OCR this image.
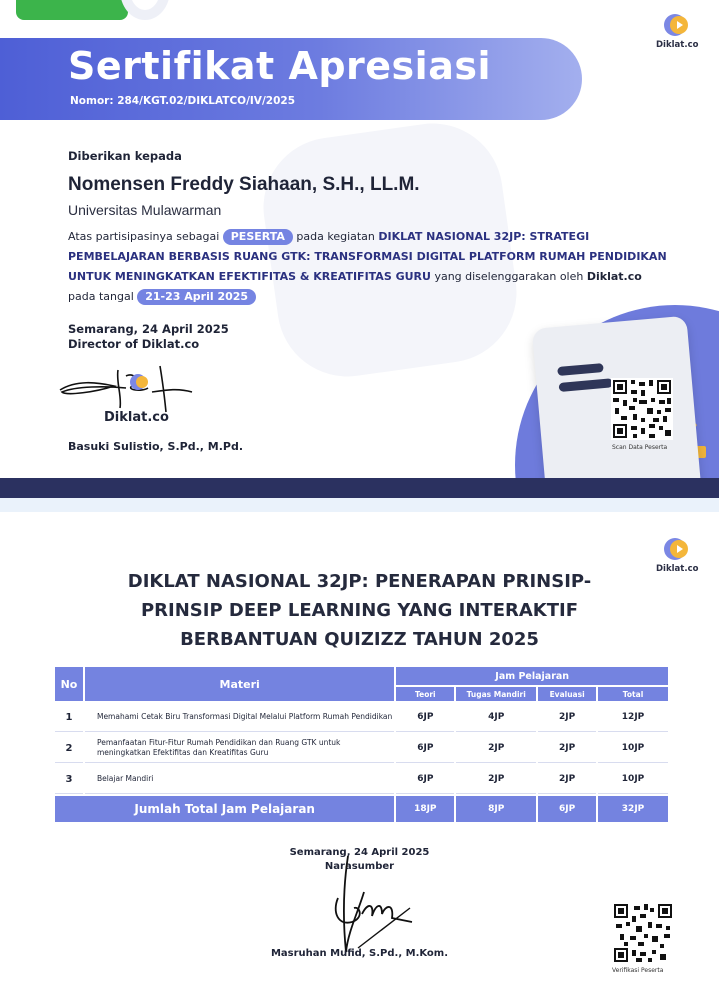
Sertifikat Apresiasi
Nomor: 284/KGT.02/DIKLATCO/IV/2025
Diklat.co
Diberikan kepada
Nomensen Freddy Siahaan, S.H., LL.M.
Universitas Mulawarman
Atas partisipasinya sebagai PESERTA pada kegiatan DIKLAT NASIONAL 32JP: STRATEGI PEMBELAJARAN BERBASIS RUANG GTK: TRANSFORMASI DIGITAL PLATFORM RUMAH PENDIDIKAN UNTUK MENINGKATKAN EFEKTIFITAS & KREATIFITAS GURU yang diselenggarakan oleh Diklat.co
pada tangal 21-23 April 2025
Semarang, 24 April 2025
Director of Diklat.co
Diklat.co
Basuki Sulistio, S.Pd., M.Pd.	Scan Data Peserta
Diklat.co
DIKLAT NASIONAL 32JP: PENERAPAN PRINSIP-
PRINSIP DEEP LEARNING YANG INTERAKTIF
BERBANTUAN QUIZIZZ TAHUN 2025
No	Materi	Jam Pelajaran			
		Teori	Tugas Mandiri	Evaluasi	Total
1	Memahami Cetak Biru Transformasi Digital Melalui Platform Rumah Pendidikan	6JP	4JP	2JP	12JP
2	Pemanfaatan Fitur-Fitur Rumah Pendidikan dan Ruang GTK untuk meningkatkan Efektifitas dan Kreatifitas Guru	6JP	2JP	2JP	10JP
3	Belajar Mandiri	6JP	2JP	2JP	10JP
Jumlah Total Jam Pelajaran		18JP	8JP	6JP	32JP
Semarang, 24 April 2025
Narasumber
Masruhan Mufid, S.Pd., M.Kom.
Verifikasi Peserta
